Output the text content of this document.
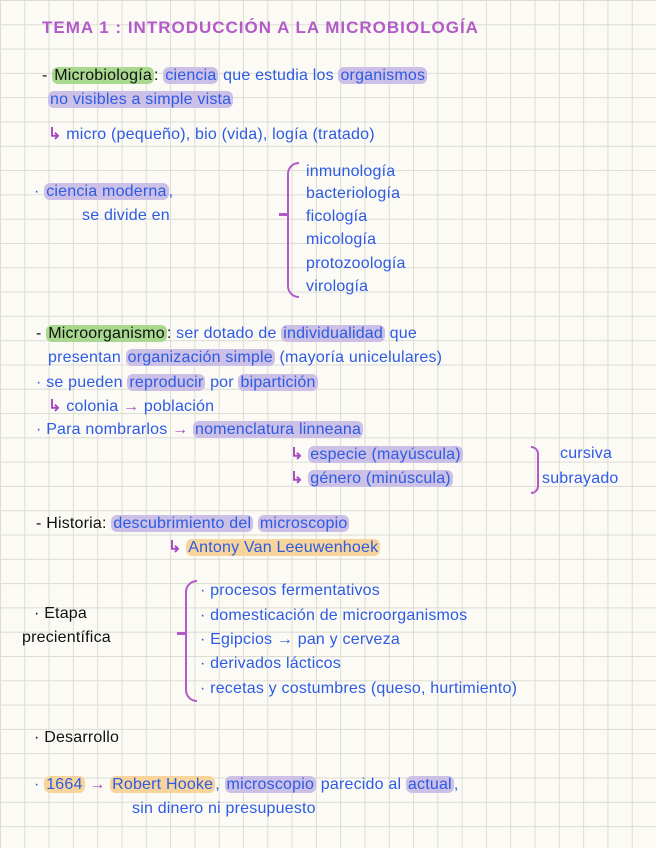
TEMA 1 : INTRODUCCIÓN A LA MICROBIOLOGÍA
- Microbiología : ciencia que estudia los organismos
no visibles a simple vista
↳ micro (pequeño), bio (vida), logía (tratado)
· ciencia moderna ,
se divide en
inmunología
bacteriología
ficología
micología
protozoología
virología
- Microorganismo : ser dotado de individualidad que
presentan organización simple (mayoría unicelulares)
· se pueden reproducir por bipartición
↳ colonia → población
· Para nombrarlos → nomenclatura linneana
↳ especie (mayúscula)
↳ género (minúscula)
cursiva
subrayado
- Historia: descubrimiento del microscopio
↳ Antony Van Leeuwenhoek
· Etapa
precientífica
· procesos fermentativos
· domesticación de microorganismos
· Egipcios → pan y cerveza
· derivados lácticos
· recetas y costumbres (queso, hurtimiento)
· Desarrollo
· 1664 → Robert Hooke , microscopio parecido al actual ,
sin dinero ni presupuesto
